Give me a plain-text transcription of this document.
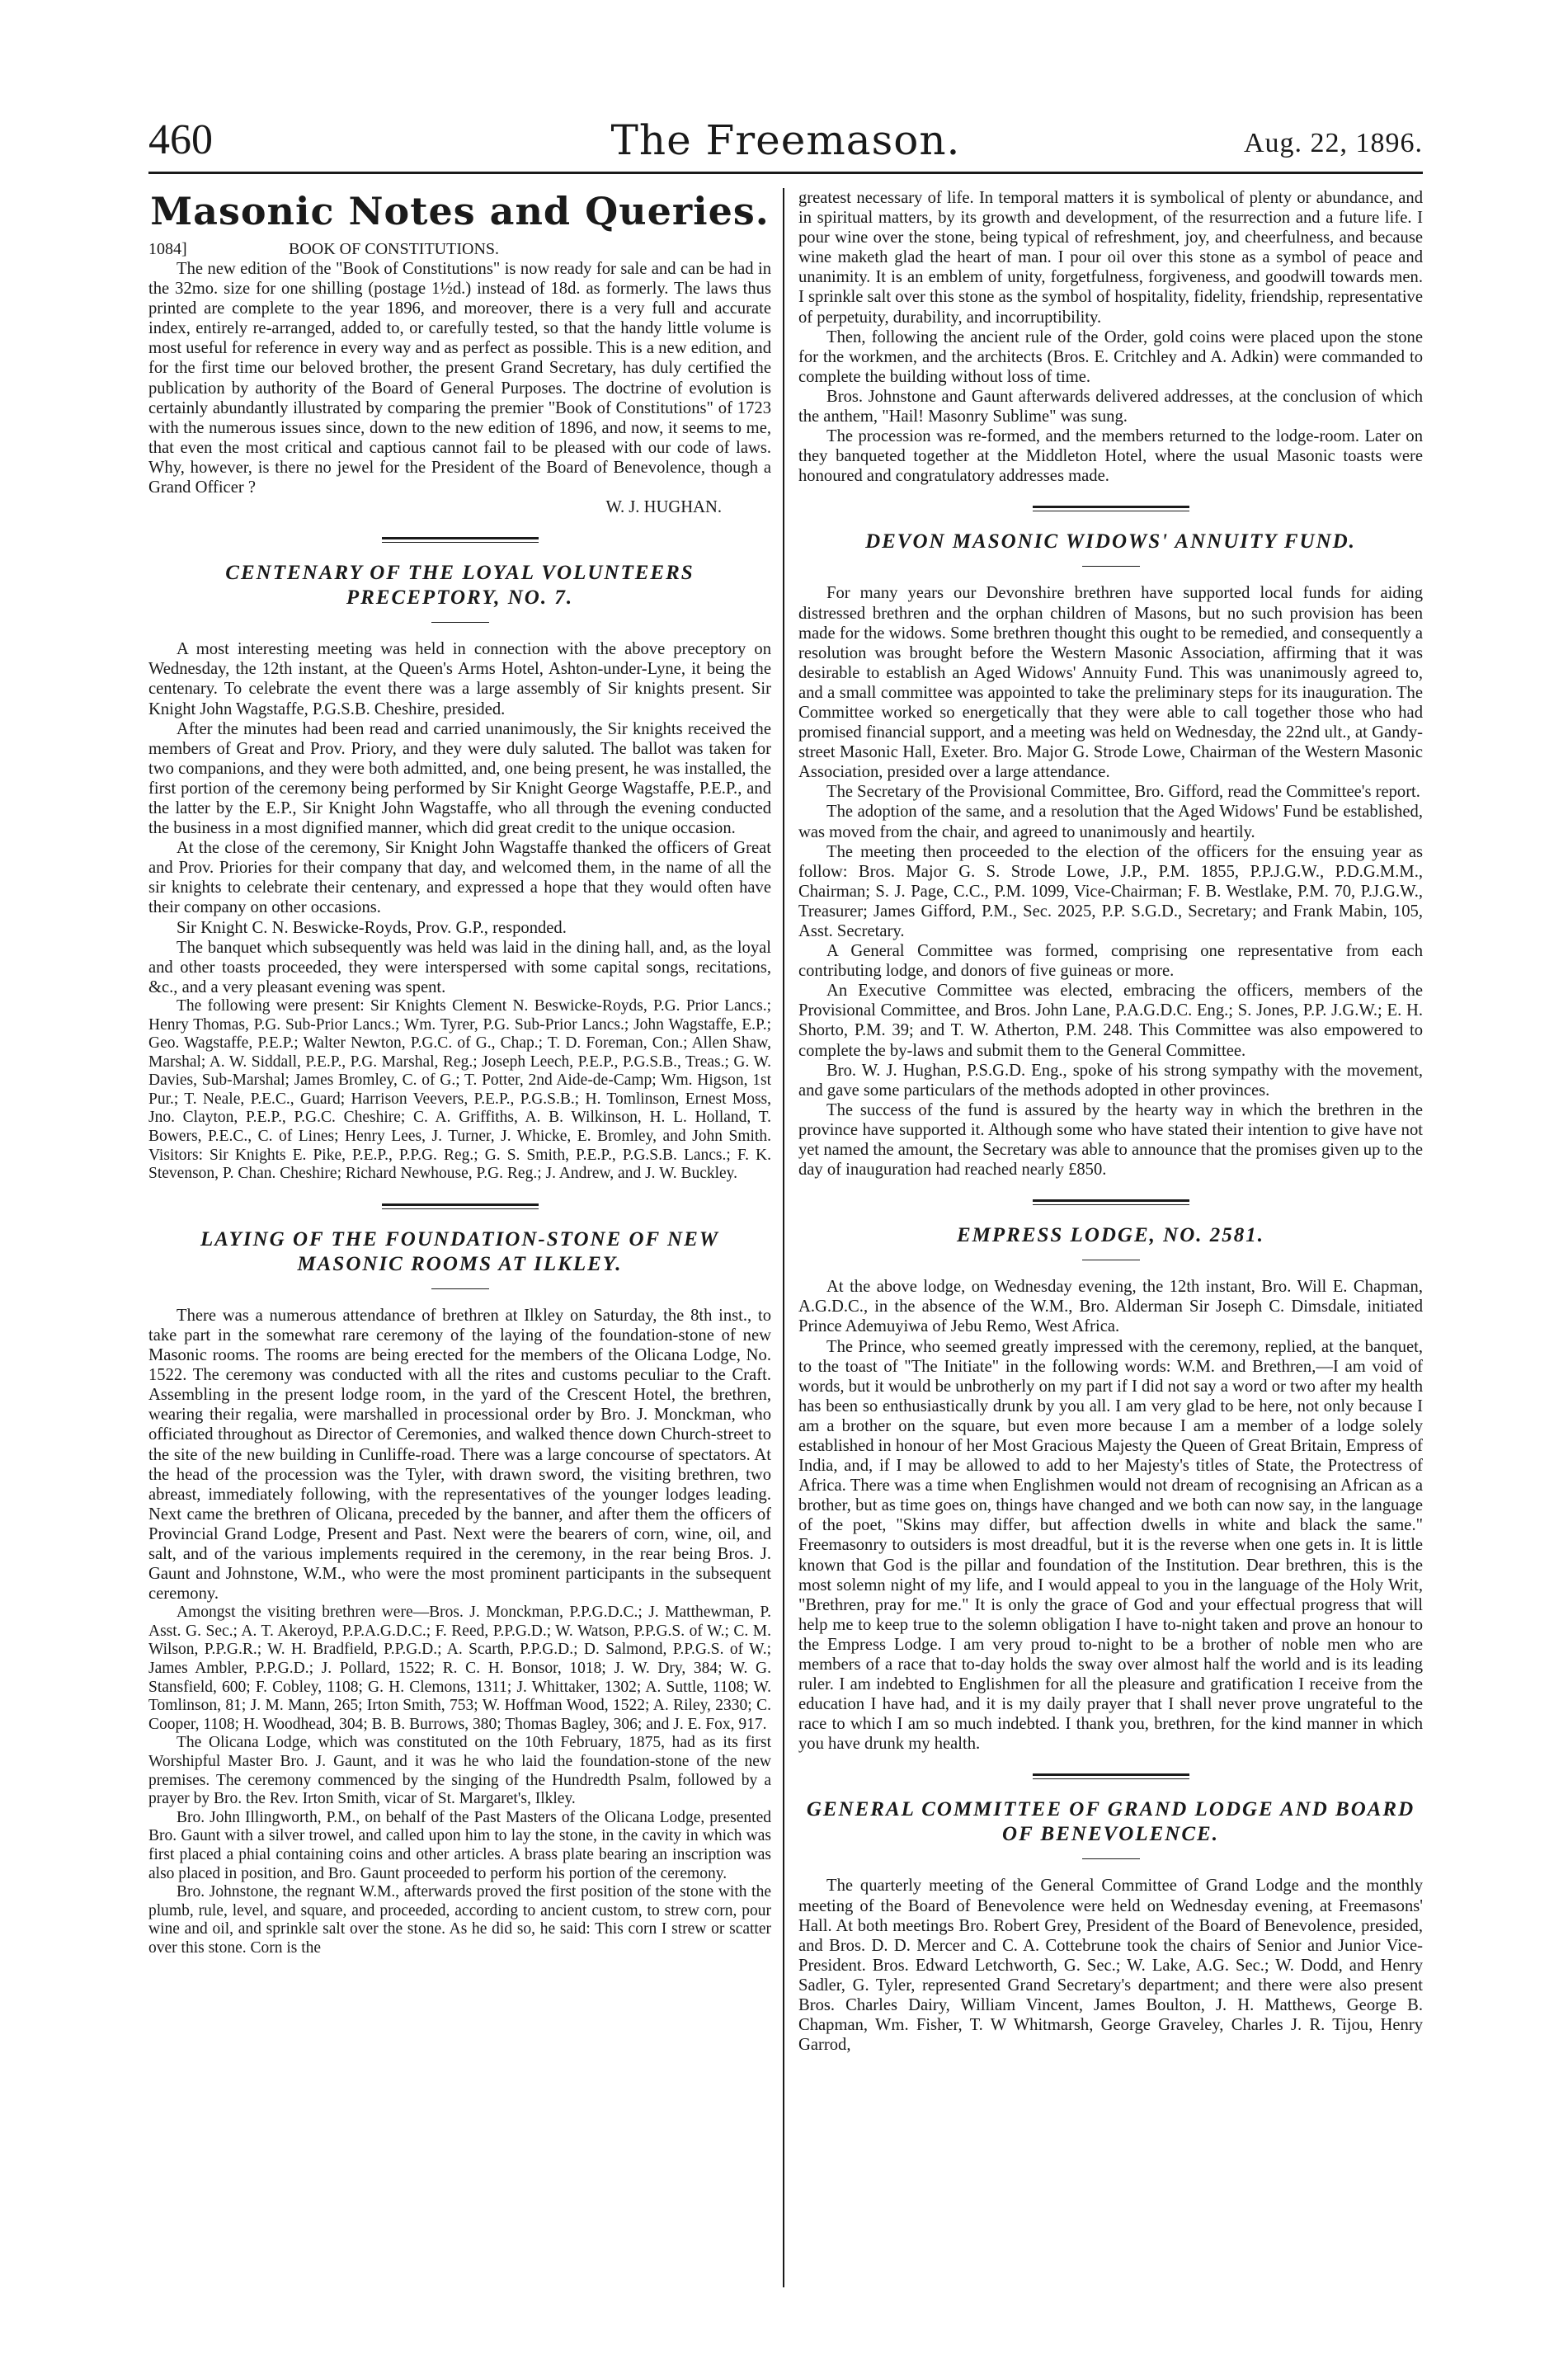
460	The Freemason.	Aug. 22, 1896.
Masonic Notes and Queries.
1084]	BOOK OF CONSTITUTIONS.

The new edition of the "Book of Constitutions" is now ready for sale and can be had in the 32mo. size for one shilling (postage 1½d.) instead of 18d. as formerly. The laws thus printed are complete to the year 1896, and moreover, there is a very full and accurate index, entirely re-arranged, added to, or carefully tested, so that the handy little volume is most useful for reference in every way and as perfect as possible. This is a new edition, and for the first time our beloved brother, the present Grand Secretary, has duly certified the publication by authority of the Board of General Purposes. The doctrine of evolution is certainly abundantly illustrated by comparing the premier "Book of Constitutions" of 1723 with the numerous issues since, down to the new edition of 1896, and now, it seems to me, that even the most critical and captious cannot fail to be pleased with our code of laws. Why, however, is there no jewel for the President of the Board of Benevolence, though a Grand Officer ?

W. J. HUGHAN.

CENTENARY OF THE LOYAL VOLUNTEERS PRECEPTORY, NO. 7.

A most interesting meeting was held in connection with the above preceptory on Wednesday, the 12th instant, at the Queen's Arms Hotel, Ashton-under-Lyne, it being the centenary. To celebrate the event there was a large assembly of Sir knights present. Sir Knight John Wagstaffe, P.G.S.B. Cheshire, presided.

After the minutes had been read and carried unanimously, the Sir knights received the members of Great and Prov. Priory, and they were duly saluted. The ballot was taken for two companions, and they were both admitted, and, one being present, he was installed, the first portion of the ceremony being performed by Sir Knight George Wagstaffe, P.E.P., and the latter by the E.P., Sir Knight John Wagstaffe, who all through the evening conducted the business in a most dignified manner, which did great credit to the unique occasion.

At the close of the ceremony, Sir Knight John Wagstaffe thanked the officers of Great and Prov. Priories for their company that day, and welcomed them, in the name of all the sir knights to celebrate their centenary, and expressed a hope that they would often have their company on other occasions.

Sir Knight C. N. Beswicke-Royds, Prov. G.P., responded.

The banquet which subsequently was held was laid in the dining hall, and, as the loyal and other toasts proceeded, they were interspersed with some capital songs, recitations, &c., and a very pleasant evening was spent.

The following were present: Sir Knights Clement N. Beswicke-Royds, P.G. Prior Lancs.; Henry Thomas, P.G. Sub-Prior Lancs.; Wm. Tyrer, P.G. Sub-Prior Lancs.; John Wagstaffe, E.P.; Geo. Wagstaffe, P.E.P.; Walter Newton, P.G.C. of G., Chap.; T. D. Foreman, Con.; Allen Shaw, Marshal; A. W. Siddall, P.E.P., P.G. Marshal, Reg.; Joseph Leech, P.E.P., P.G.S.B., Treas.; G. W. Davies, Sub-Marshal; James Bromley, C. of G.; T. Potter, 2nd Aide-de-Camp; Wm. Higson, 1st Pur.; T. Neale, P.E.C., Guard; Harrison Veevers, P.E.P., P.G.S.B.; H. Tomlinson, Ernest Moss, Jno. Clayton, P.E.P., P.G.C. Cheshire; C. A. Griffiths, A. B. Wilkinson, H. L. Holland, T. Bowers, P.E.C., C. of Lines; Henry Lees, J. Turner, J. Whicke, E. Bromley, and John Smith. Visitors: Sir Knights E. Pike, P.E.P., P.P.G. Reg.; G. S. Smith, P.E.P., P.G.S.B. Lancs.; F. K. Stevenson, P. Chan. Cheshire; Richard Newhouse, P.G. Reg.; J. Andrew, and J. W. Buckley.

LAYING OF THE FOUNDATION-STONE OF NEW MASONIC ROOMS AT ILKLEY.

There was a numerous attendance of brethren at Ilkley on Saturday, the 8th inst., to take part in the somewhat rare ceremony of the laying of the foundation-stone of new Masonic rooms. The rooms are being erected for the members of the Olicana Lodge, No. 1522. The ceremony was conducted with all the rites and customs peculiar to the Craft. Assembling in the present lodge room, in the yard of the Crescent Hotel, the brethren, wearing their regalia, were marshalled in processional order by Bro. J. Monckman, who officiated throughout as Director of Ceremonies, and walked thence down Church-street to the site of the new building in Cunliffe-road. There was a large concourse of spectators. At the head of the procession was the Tyler, with drawn sword, the visiting brethren, two abreast, immediately following, with the representatives of the younger lodges leading. Next came the brethren of Olicana, preceded by the banner, and after them the officers of Provincial Grand Lodge, Present and Past. Next were the bearers of corn, wine, oil, and salt, and of the various implements required in the ceremony, in the rear being Bros. J. Gaunt and Johnstone, W.M., who were the most prominent participants in the subsequent ceremony.

Amongst the visiting brethren were—Bros. J. Monckman, P.P.G.D.C.; J. Matthewman, P. Asst. G. Sec.; A. T. Akeroyd, P.P.A.G.D.C.; F. Reed, P.P.G.D.; W. Watson, P.P.G.S. of W.; C. M. Wilson, P.P.G.R.; W. H. Bradfield, P.P.G.D.; A. Scarth, P.P.G.D.; D. Salmond, P.P.G.S. of W.; James Ambler, P.P.G.D.; J. Pollard, 1522; R. C. H. Bonsor, 1018; J. W. Dry, 384; W. G. Stansfield, 600; F. Cobley, 1108; G. H. Clemons, 1311; J. Whittaker, 1302; A. Suttle, 1108; W. Tomlinson, 81; J. M. Mann, 265; Irton Smith, 753; W. Hoffman Wood, 1522; A. Riley, 2330; C. Cooper, 1108; H. Woodhead, 304; B. B. Burrows, 380; Thomas Bagley, 306; and J. E. Fox, 917.

The Olicana Lodge, which was constituted on the 10th February, 1875, had as its first Worshipful Master Bro. J. Gaunt, and it was he who laid the foundation-stone of the new premises. The ceremony commenced by the singing of the Hundredth Psalm, followed by a prayer by Bro. the Rev. Irton Smith, vicar of St. Margaret's, Ilkley.

Bro. John Illingworth, P.M., on behalf of the Past Masters of the Olicana Lodge, presented Bro. Gaunt with a silver trowel, and called upon him to lay the stone, in the cavity in which was first placed a phial containing coins and other articles. A brass plate bearing an inscription was also placed in position, and Bro. Gaunt proceeded to perform his portion of the ceremony.

Bro. Johnstone, the regnant W.M., afterwards proved the first position of the stone with the plumb, rule, level, and square, and proceeded, according to ancient custom, to strew corn, pour wine and oil, and sprinkle salt over the stone. As he did so, he said: This corn I strew or scatter over this stone. Corn is the

greatest necessary of life. In temporal matters it is symbolical of plenty or abundance, and in spiritual matters, by its growth and development, of the resurrection and a future life. I pour wine over the stone, being typical of refreshment, joy, and cheerfulness, and because wine maketh glad the heart of man. I pour oil over this stone as a symbol of peace and unanimity. It is an emblem of unity, forgetfulness, forgiveness, and goodwill towards men. I sprinkle salt over this stone as the symbol of hospitality, fidelity, friendship, representative of perpetuity, durability, and incorruptibility.

Then, following the ancient rule of the Order, gold coins were placed upon the stone for the workmen, and the architects (Bros. E. Critchley and A. Adkin) were commanded to complete the building without loss of time.

Bros. Johnstone and Gaunt afterwards delivered addresses, at the conclusion of which the anthem, "Hail! Masonry Sublime" was sung.

The procession was re-formed, and the members returned to the lodge-room. Later on they banqueted together at the Middleton Hotel, where the usual Masonic toasts were honoured and congratulatory addresses made.

DEVON MASONIC WIDOWS' ANNUITY FUND.

For many years our Devonshire brethren have supported local funds for aiding distressed brethren and the orphan children of Masons, but no such provision has been made for the widows. Some brethren thought this ought to be remedied, and consequently a resolution was brought before the Western Masonic Association, affirming that it was desirable to establish an Aged Widows' Annuity Fund. This was unanimously agreed to, and a small committee was appointed to take the preliminary steps for its inauguration. The Committee worked so energetically that they were able to call together those who had promised financial support, and a meeting was held on Wednesday, the 22nd ult., at Gandy-street Masonic Hall, Exeter. Bro. Major G. Strode Lowe, Chairman of the Western Masonic Association, presided over a large attendance.

The Secretary of the Provisional Committee, Bro. Gifford, read the Committee's report.

The adoption of the same, and a resolution that the Aged Widows' Fund be established, was moved from the chair, and agreed to unanimously and heartily.

The meeting then proceeded to the election of the officers for the ensuing year as follow: Bros. Major G. S. Strode Lowe, J.P., P.M. 1855, P.P.J.G.W., P.D.G.M.M., Chairman; S. J. Page, C.C., P.M. 1099, Vice-Chairman; F. B. Westlake, P.M. 70, P.J.G.W., Treasurer; James Gifford, P.M., Sec. 2025, P.P. S.G.D., Secretary; and Frank Mabin, 105, Asst. Secretary.

A General Committee was formed, comprising one representative from each contributing lodge, and donors of five guineas or more.

An Executive Committee was elected, embracing the officers, members of the Provisional Committee, and Bros. John Lane, P.A.G.D.C. Eng.; S. Jones, P.P. J.G.W.; E. H. Shorto, P.M. 39; and T. W. Atherton, P.M. 248. This Committee was also empowered to complete the by-laws and submit them to the General Committee.

Bro. W. J. Hughan, P.S.G.D. Eng., spoke of his strong sympathy with the movement, and gave some particulars of the methods adopted in other provinces.

The success of the fund is assured by the hearty way in which the brethren in the province have supported it. Although some who have stated their intention to give have not yet named the amount, the Secretary was able to announce that the promises given up to the day of inauguration had reached nearly £850.

EMPRESS LODGE, NO. 2581.

At the above lodge, on Wednesday evening, the 12th instant, Bro. Will E. Chapman, A.G.D.C., in the absence of the W.M., Bro. Alderman Sir Joseph C. Dimsdale, initiated Prince Ademuyiwa of Jebu Remo, West Africa.

The Prince, who seemed greatly impressed with the ceremony, replied, at the banquet, to the toast of "The Initiate" in the following words: W.M. and Brethren,—I am void of words, but it would be unbrotherly on my part if I did not say a word or two after my health has been so enthusiastically drunk by you all. I am very glad to be here, not only because I am a brother on the square, but even more because I am a member of a lodge solely established in honour of her Most Gracious Majesty the Queen of Great Britain, Empress of India, and, if I may be allowed to add to her Majesty's titles of State, the Protectress of Africa. There was a time when Englishmen would not dream of recognising an African as a brother, but as time goes on, things have changed and we both can now say, in the language of the poet, "Skins may differ, but affection dwells in white and black the same." Freemasonry to outsiders is most dreadful, but it is the reverse when one gets in. It is little known that God is the pillar and foundation of the Institution. Dear brethren, this is the most solemn night of my life, and I would appeal to you in the language of the Holy Writ, "Brethren, pray for me." It is only the grace of God and your effectual progress that will help me to keep true to the solemn obligation I have to-night taken and prove an honour to the Empress Lodge. I am very proud to-night to be a brother of noble men who are members of a race that to-day holds the sway over almost half the world and is its leading ruler. I am indebted to Englishmen for all the pleasure and gratification I receive from the education I have had, and it is my daily prayer that I shall never prove ungrateful to the race to which I am so much indebted. I thank you, brethren, for the kind manner in which you have drunk my health.

GENERAL COMMITTEE OF GRAND LODGE AND BOARD OF BENEVOLENCE.

The quarterly meeting of the General Committee of Grand Lodge and the monthly meeting of the Board of Benevolence were held on Wednesday evening, at Freemasons' Hall. At both meetings Bro. Robert Grey, President of the Board of Benevolence, presided, and Bros. D. D. Mercer and C. A. Cottebrune took the chairs of Senior and Junior Vice-President. Bros. Edward Letchworth, G. Sec.; W. Lake, A.G. Sec.; W. Dodd, and Henry Sadler, G. Tyler, represented Grand Secretary's department; and there were also present Bros. Charles Dairy, William Vincent, James Boulton, J. H. Matthews, George B. Chapman, Wm. Fisher, T. W Whitmarsh, George Graveley, Charles J. R. Tijou, Henry Garrod,
